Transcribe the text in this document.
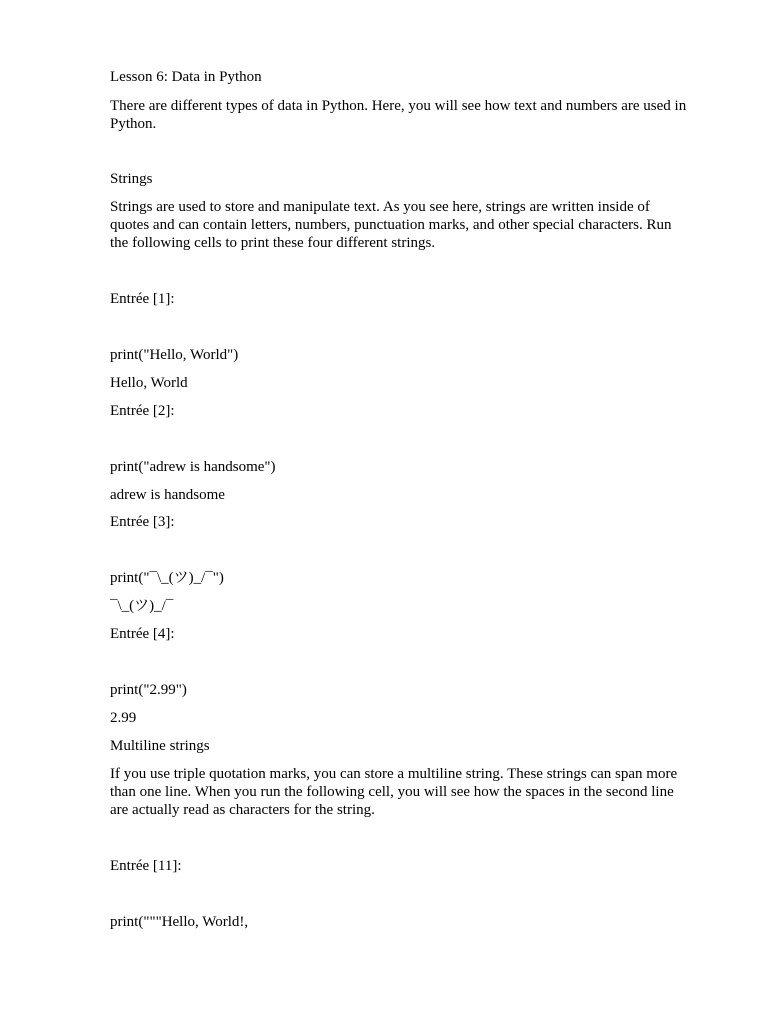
Lesson 6: Data in Python

There are different types of data in Python. Here, you will see how text and numbers are used in Python.

Strings

Strings are used to store and manipulate text. As you see here, strings are written inside of quotes and can contain letters, numbers, punctuation marks, and other special characters. Run the following cells to print these four different strings.

Entrée [1]:

print("Hello, World")

Hello, World

Entrée [2]:

print("adrew is handsome")

adrew is handsome

Entrée [3]:

print("¯\_(ツ)_/¯")

¯\_(ツ)_/¯

Entrée [4]:

print("2.99")

2.99

Multiline strings

If you use triple quotation marks, you can store a multiline string. These strings can span more than one line. When you run the following cell, you will see how the spaces in the second line are actually read as characters for the string.

Entrée [11]:

print("""Hello, World!,
